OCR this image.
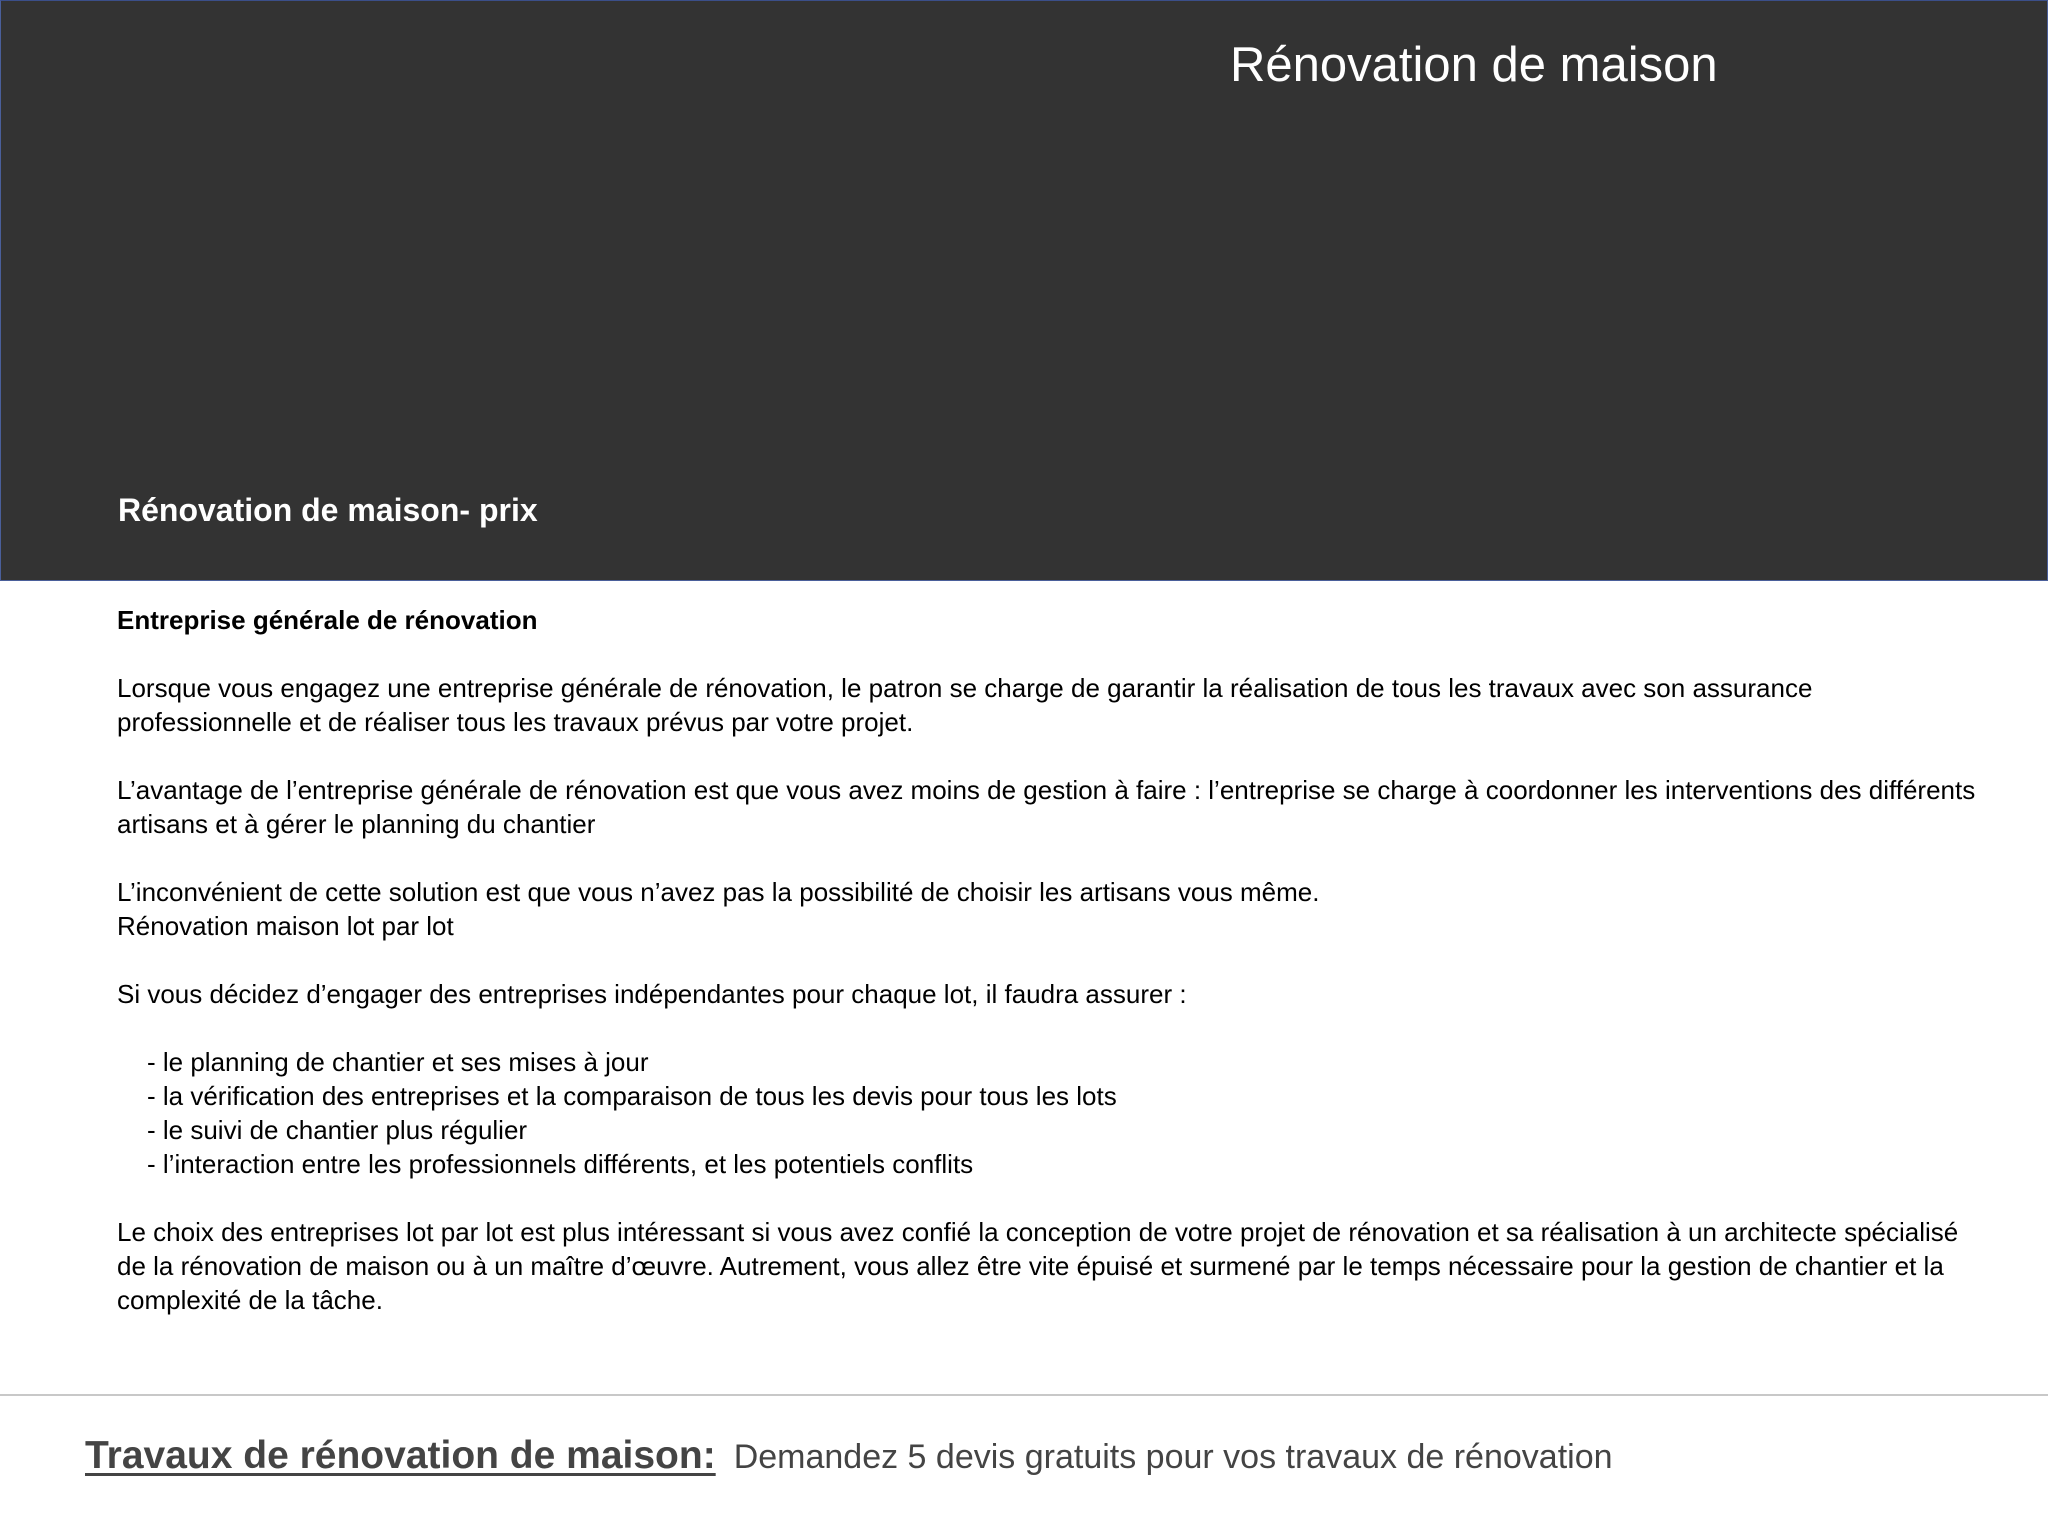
Rénovation de maison
Rénovation de maison- prix

Entreprise générale de rénovation

Lorsque vous engagez une entreprise générale de rénovation, le patron se charge de garantir la réalisation de tous les travaux avec son assurance professionnelle et de réaliser tous les travaux prévus par votre projet.

L’avantage de l’entreprise générale de rénovation est que vous avez moins de gestion à faire : l’entreprise se charge à coordonner les interventions des différents artisans et à gérer le planning du chantier

L’inconvénient de cette solution est que vous n’avez pas la possibilité de choisir les artisans vous même.

Rénovation maison lot par lot

Si vous décidez d’engager des entreprises indépendantes pour chaque lot, il faudra assurer :

- le planning de chantier et ses mises à jour
- la vérification des entreprises et la comparaison de tous les devis pour tous les lots
- le suivi de chantier plus régulier
- l’interaction entre les professionnels différents, et les potentiels conflits

Le choix des entreprises lot par lot est plus intéressant si vous avez confié la conception de votre projet de rénovation et sa réalisation à un architecte spécialisé de la rénovation de maison ou à un maître d’œuvre. Autrement, vous allez être vite épuisé et surmené par le temps nécessaire pour la gestion de chantier et la complexité de la tâche.

Travaux de rénovation de maison: Demandez 5 devis gratuits pour vos travaux de rénovation
